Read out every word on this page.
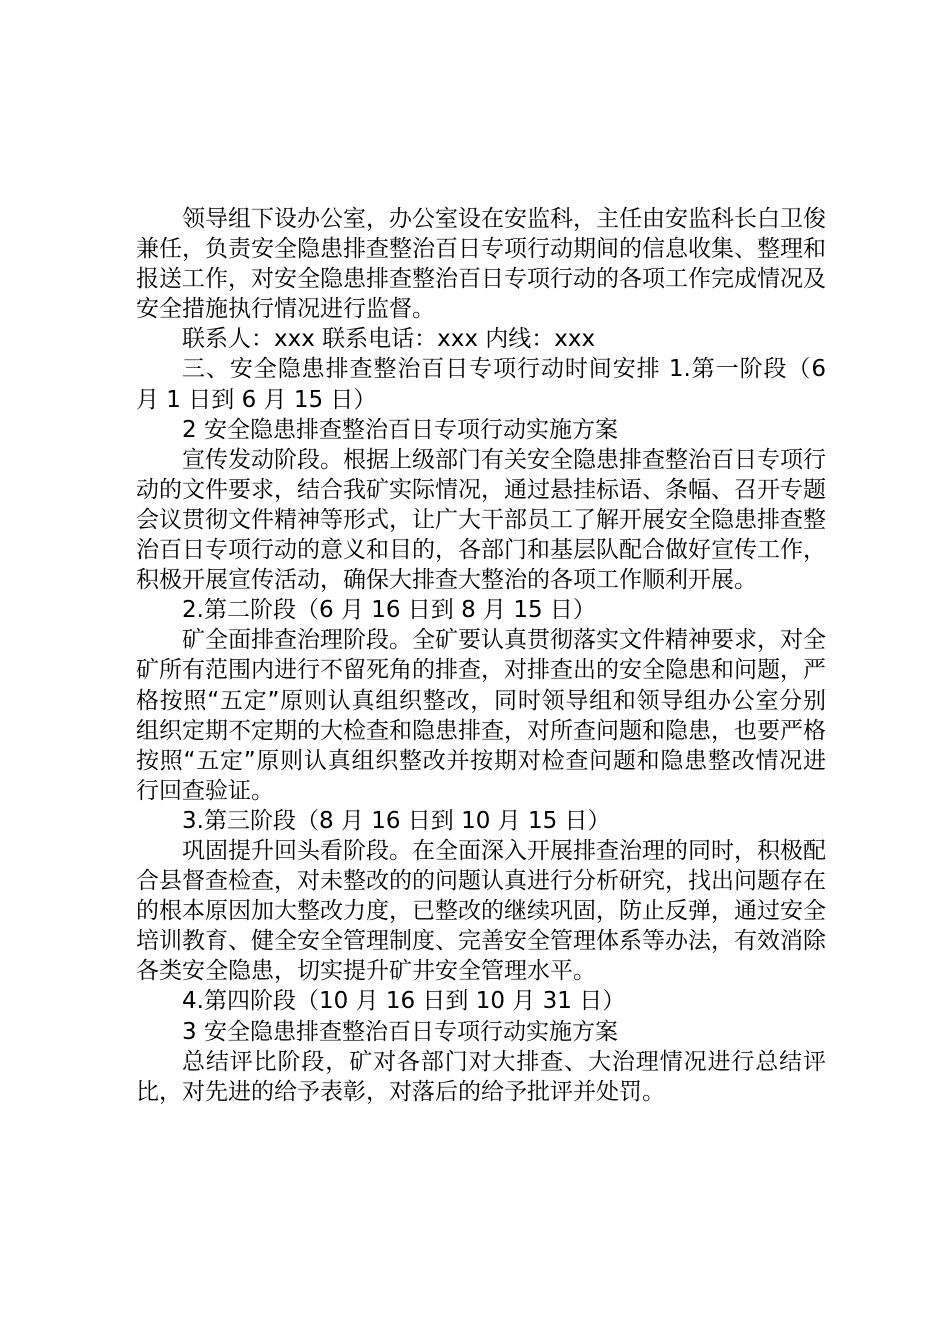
领导组下设办公室，办公室设在安监科，主任由安监科长白卫俊兼任，负责安全隐患排查整治百日专项行动期间的信息收集、整理和报送工作，对安全隐患排查整治百日专项行动的各项工作完成情况及安全措施执行情况进行监督。

联系人：xxx 联系电话：xxx 内线：xxx

三、安全隐患排查整治百日专项行动时间安排 1.第一阶段（6 月 1 日到 6 月 15 日）

2 安全隐患排查整治百日专项行动实施方案

宣传发动阶段。根据上级部门有关安全隐患排查整治百日专项行动的文件要求，结合我矿实际情况，通过悬挂标语、条幅、召开专题会议贯彻文件精神等形式，让广大干部员工了解开展安全隐患排查整治百日专项行动的意义和目的，各部门和基层队配合做好宣传工作，积极开展宣传活动，确保大排查大整治的各项工作顺利开展。

2.第二阶段（6 月 16 日到 8 月 15 日）

矿全面排查治理阶段。全矿要认真贯彻落实文件精神要求，对全矿所有范围内进行不留死角的排查，对排查出的安全隐患和问题，严格按照“五定”原则认真组织整改，同时领导组和领导组办公室分别组织定期不定期的大检查和隐患排查，对所查问题和隐患，也要严格按照“五定”原则认真组织整改并按期对检查问题和隐患整改情况进行回查验证。

3.第三阶段（8 月 16 日到 10 月 15 日）

巩固提升回头看阶段。在全面深入开展排查治理的同时，积极配合县督查检查，对未整改的的问题认真进行分析研究，找出问题存在的根本原因加大整改力度，已整改的继续巩固，防止反弹，通过安全培训教育、健全安全管理制度、完善安全管理体系等办法，有效消除各类安全隐患，切实提升矿井安全管理水平。

4.第四阶段（10 月 16 日到 10 月 31 日）

3 安全隐患排查整治百日专项行动实施方案

总结评比阶段，矿对各部门对大排查、大治理情况进行总结评比，对先进的给予表彰，对落后的给予批评并处罚。
